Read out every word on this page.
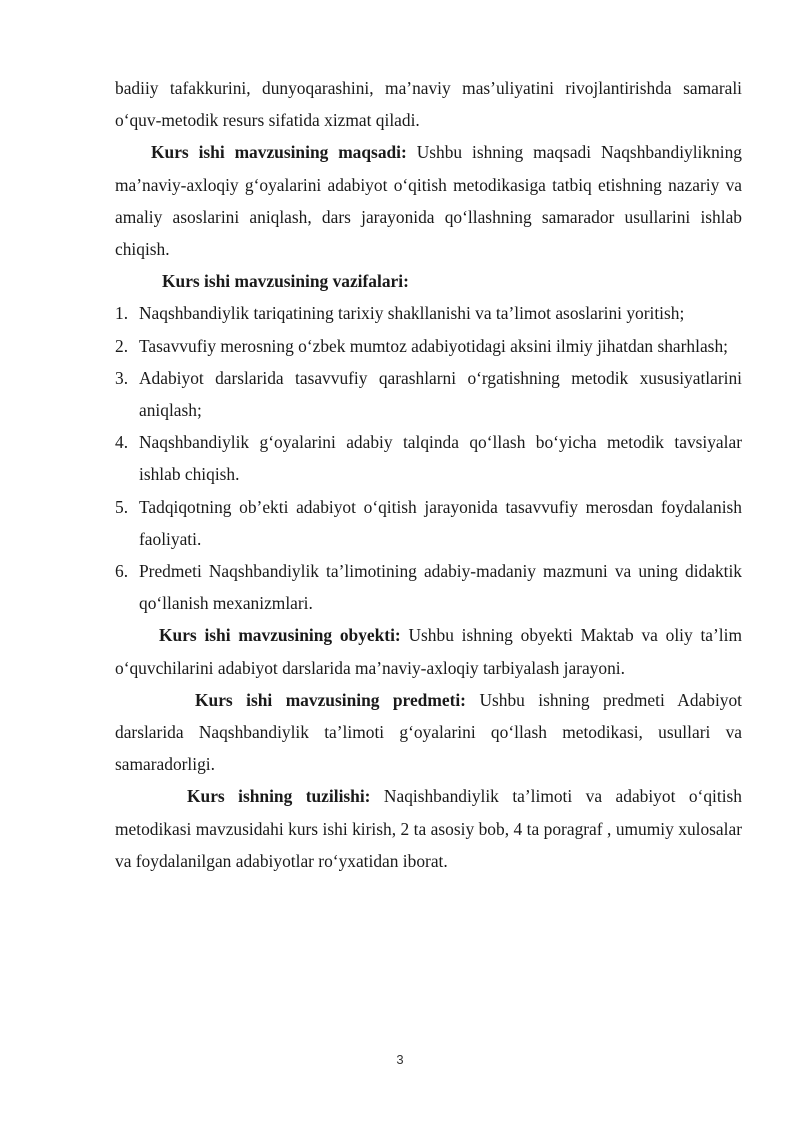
badiiy tafakkurini, dunyoqarashini, ma’naviy mas’uliyatini rivojlantirishda samarali o‘quv-metodik resurs sifatida xizmat qiladi.

Kurs ishi mavzusining maqsadi: Ushbu ishning maqsadi Naqshbandiylikning ma’naviy-axloqiy g‘oyalarini adabiyot o‘qitish metodikasiga tatbiq etishning nazariy va amaliy asoslarini aniqlash, dars jarayonida qo‘llashning samarador usullarini ishlab chiqish.

Kurs ishi mavzusining vazifalari:

1. Naqshbandiylik tariqatining tarixiy shakllanishi va ta’limot asoslarini yoritish;
2. Tasavvufiy merosning o‘zbek mumtoz adabiyotidagi aksini ilmiy jihatdan sharhlash;
3. Adabiyot darslarida tasavvufiy qarashlarni o‘rgatishning metodik xususiyatlarini aniqlash;
4. Naqshbandiylik g‘oyalarini adabiy talqinda qo‘llash bo‘yicha metodik tavsiyalar ishlab chiqish.
5. Tadqiqotning ob’ekti adabiyot o‘qitish jarayonida tasavvufiy merosdan foydalanish faoliyati.
6. Predmeti Naqshbandiylik ta’limotining adabiy-madaniy mazmuni va uning didaktik qo‘llanish mexanizmlari.

Kurs ishi mavzusining obyekti: Ushbu ishning obyekti Maktab va oliy ta’lim o‘quvchilarini adabiyot darslarida ma’naviy-axloqiy tarbiyalash jarayoni.

Kurs ishi mavzusining predmeti: Ushbu ishning predmeti Adabiyot darslarida Naqshbandiylik ta’limoti g‘oyalarini qo‘llash metodikasi, usullari va samaradorligi.

Kurs ishning tuzilishi: Naqishbandiylik ta’limoti va adabiyot o‘qitish metodikasi mavzusidahi kurs ishi kirish, 2 ta asosiy bob, 4 ta poragraf , umumiy xulosalar va foydalanilgan adabiyotlar ro‘yxatidan iborat.

3
